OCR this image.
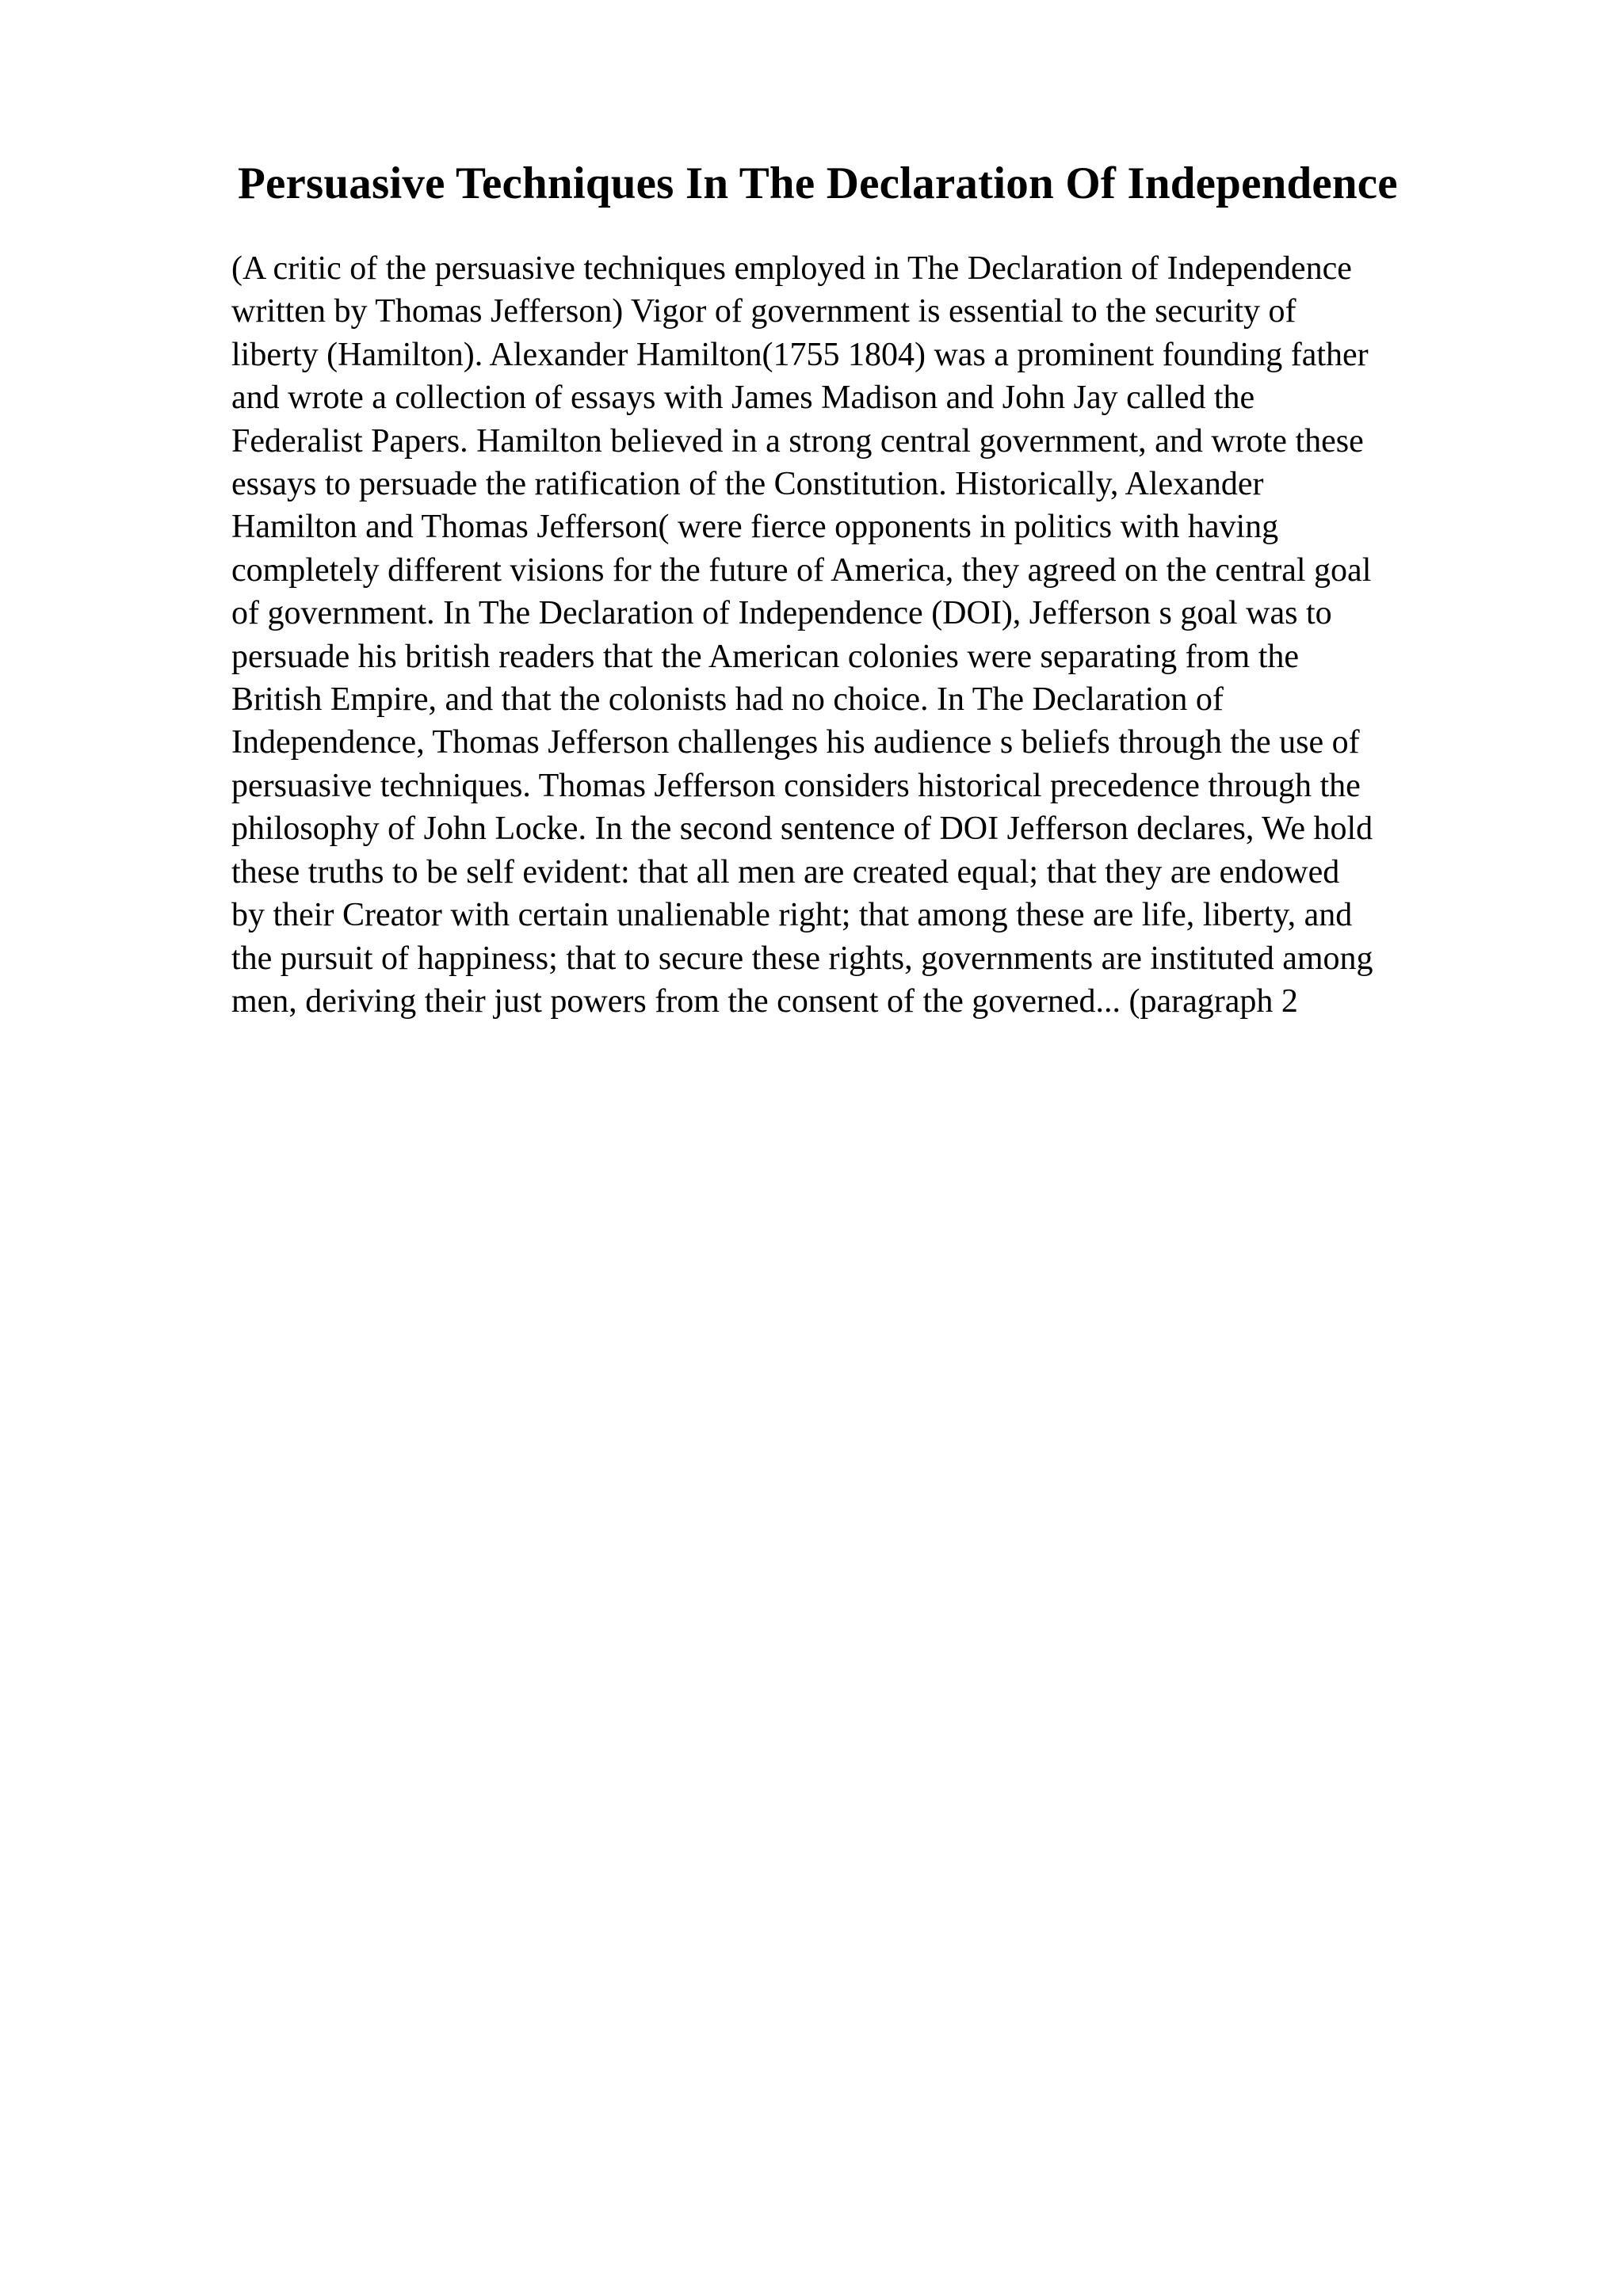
Persuasive Techniques In The Declaration Of Independence

(A critic of the persuasive techniques employed in The Declaration of Independence
written by Thomas Jefferson) Vigor of government is essential to the security of
liberty (Hamilton). Alexander Hamilton(1755 1804) was a prominent founding father
and wrote a collection of essays with James Madison and John Jay called the
Federalist Papers. Hamilton believed in a strong central government, and wrote these
essays to persuade the ratification of the Constitution. Historically, Alexander
Hamilton and Thomas Jefferson( were fierce opponents in politics with having
completely different visions for the future of America, they agreed on the central goal
of government. In The Declaration of Independence (DOI), Jefferson s goal was to
persuade his british readers that the American colonies were separating from the
British Empire, and that the colonists had no choice. In The Declaration of
Independence, Thomas Jefferson challenges his audience s beliefs through the use of
persuasive techniques. Thomas Jefferson considers historical precedence through the
philosophy of John Locke. In the second sentence of DOI Jefferson declares, We hold
these truths to be self evident: that all men are created equal; that they are endowed
by their Creator with certain unalienable right; that among these are life, liberty, and
the pursuit of happiness; that to secure these rights, governments are instituted among
men, deriving their just powers from the consent of the governed... (paragraph 2
